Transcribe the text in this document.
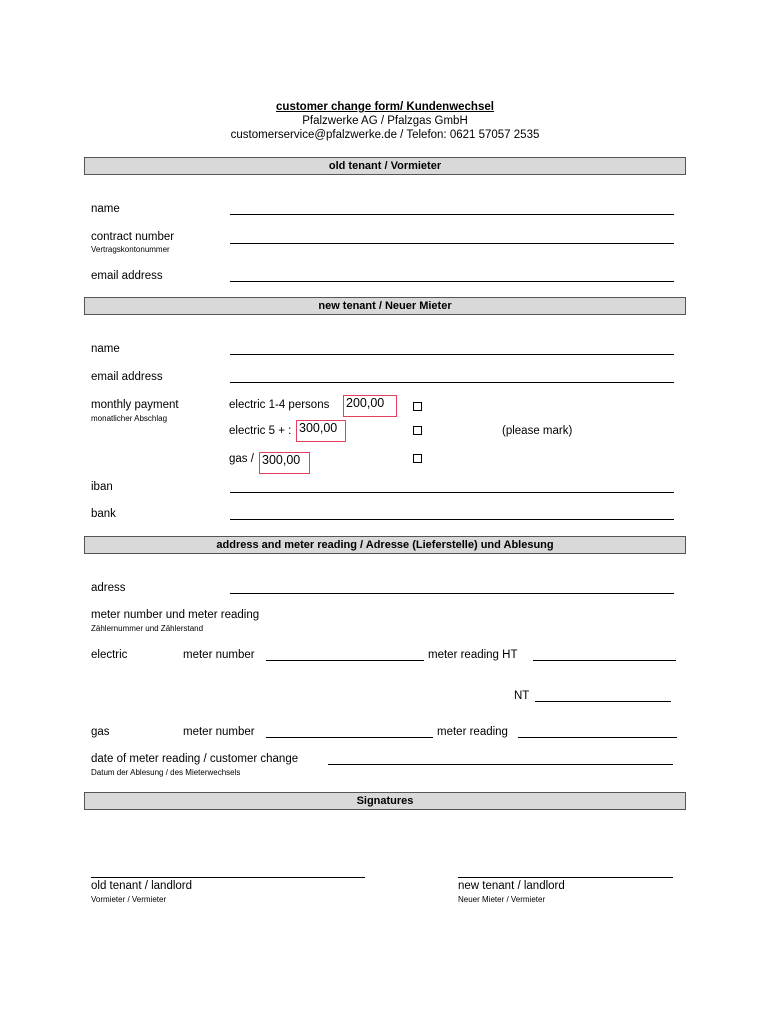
customer change form/ Kundenwechsel
Pfalzwerke AG / Pfalzgas GmbH
customerservice@pfalzwerke.de / Telefon: 0621 57057 2535
old tenant / Vormieter
name
contract number
Vertragskontonummer
email address
new tenant / Neuer Mieter
name
email address
monthly payment
monatlicher Abschlag
electric 1-4 persons 200,00
electric 5 + : 300,00	(please mark)
gas / 300,00
iban
bank
address and meter reading / Adresse (Lieferstelle) und Ablesung
adress
meter number und meter reading
Zählernummer und Zählerstand
electric	meter number	meter reading HT
NT
gas	meter number	meter reading
date of meter reading / customer change
Datum der Ablesung / des Mieterwechsels
Signatures
old tenant / landlord
Vormieter / Vermieter
new tenant / landlord
Neuer Mieter / Vermieter
